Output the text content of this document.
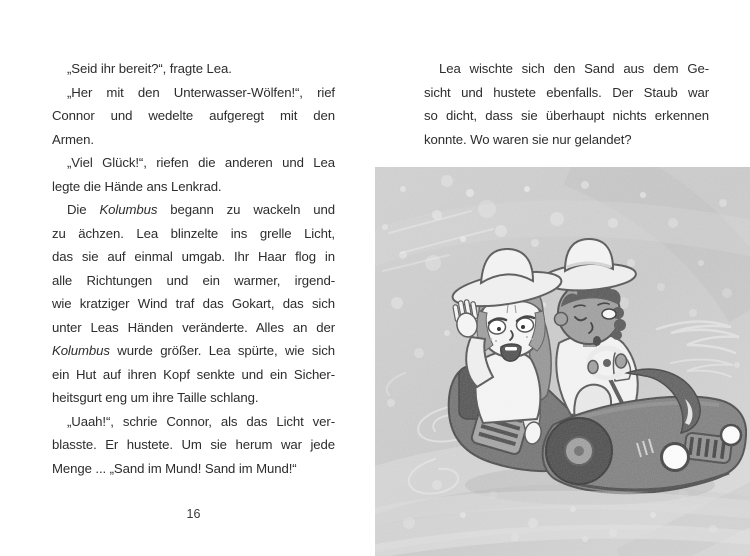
„Seid ihr bereit?“, fragte Lea.
„Her mit den Unterwasser-Wölfen!“, rief
Connor und wedelte aufgeregt mit den
Armen.
„Viel Glück!“, riefen die anderen und Lea
legte die Hände ans Lenkrad.
Die Kolumbus begann zu wackeln und
zu ächzen. Lea blinzelte ins grelle Licht,
das sie auf einmal umgab. Ihr Haar flog in
alle Richtungen und ein warmer, irgend-
wie kratziger Wind traf das Gokart, das sich
unter Leas Händen veränderte. Alles an der
Kolumbus wurde größer. Lea spürte, wie sich
ein Hut auf ihren Kopf senkte und ein Sicher-
heitsgurt eng um ihre Taille schlang.
„Uaah!“, schrie Connor, als das Licht ver-
blasste. Er hustete. Um sie herum war jede
Menge ... „Sand im Mund! Sand im Mund!“
Lea wischte sich den Sand aus dem Ge-
sicht und hustete ebenfalls. Der Staub war
so dicht, dass sie überhaupt nichts erkennen
konnte. Wo waren sie nur gelandet?
16
